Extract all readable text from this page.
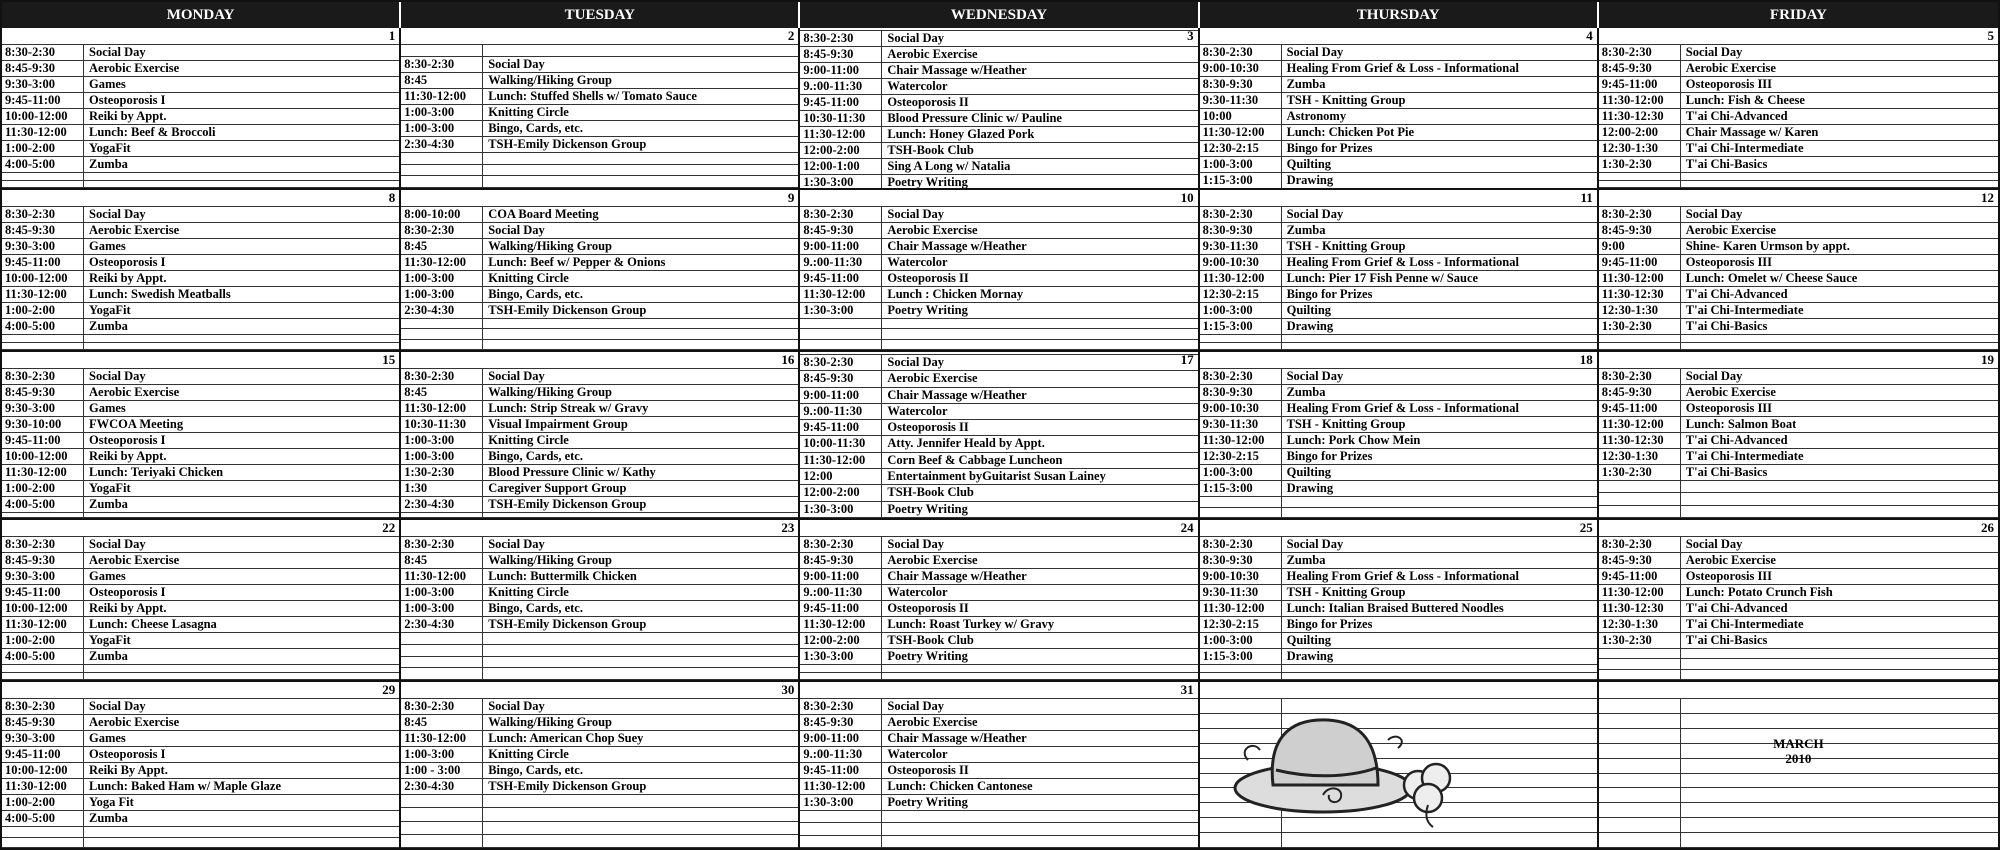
MONDAY	TUESDAY	WEDNESDAY	THURSDAY	FRIDAY
1
8:30-2:30	Social Day
8:45-9:30	Aerobic Exercise
9:30-3:00	Games
9:45-11:00	Osteoporosis I
10:00-12:00	Reiki by Appt.
11:30-12:00	Lunch: Beef & Broccoli
1:00-2:00	YogaFit
4:00-5:00	Zumba
2
8:30-2:30	Social Day
8:45	Walking/Hiking Group
11:30-12:00	Lunch: Stuffed Shells w/ Tomato Sauce
1:00-3:00	Knitting Circle
1:00-3:00	Bingo, Cards, etc.
2:30-4:30	TSH-Emily Dickenson Group
3
8:30-2:30	Social Day
8:45-9:30	Aerobic Exercise
9:00-11:00	Chair Massage w/Heather
9.:00-11:30	Watercolor
9:45-11:00	Osteoporosis II
10:30-11:30	Blood Pressure Clinic w/ Pauline
11:30-12:00	Lunch: Honey Glazed Pork
12:00-2:00	TSH-Book Club
12:00-1:00	Sing A Long w/ Natalia
1:30-3:00	Poetry Writing
4
8:30-2:30	Social Day
9:00-10:30	Healing From Grief & Loss - Informational
8:30-9:30	Zumba
9:30-11:30	TSH - Knitting Group
10:00	Astronomy
11:30-12:00	Lunch: Chicken Pot Pie
12:30-2:15	Bingo for Prizes
1:00-3:00	Quilting
1:15-3:00	Drawing
5
8:30-2:30	Social Day
8:45-9:30	Aerobic Exercise
9:45-11:00	Osteoporosis III
11:30-12:00	Lunch: Fish & Cheese
11:30-12:30	T'ai Chi-Advanced
12:00-2:00	Chair Massage w/ Karen
12:30-1:30	T'ai Chi-Intermediate
1:30-2:30	T'ai Chi-Basics
8
8:30-2:30	Social Day
8:45-9:30	Aerobic Exercise
9:30-3:00	Games
9:45-11:00	Osteoporosis I
10:00-12:00	Reiki by Appt.
11:30-12:00	Lunch: Swedish Meatballs
1:00-2:00	YogaFit
4:00-5:00	Zumba
9
8:00-10:00	COA Board Meeting
8:30-2:30	Social Day
8:45	Walking/Hiking Group
11:30-12:00	Lunch: Beef w/ Pepper & Onions
1:00-3:00	Knitting Circle
1:00-3:00	Bingo, Cards, etc.
2:30-4:30	TSH-Emily Dickenson Group
10
8:30-2:30	Social Day
8:45-9:30	Aerobic Exercise
9:00-11:00	Chair Massage w/Heather
9.:00-11:30	Watercolor
9:45-11:00	Osteoporosis II
11:30-12:00	Lunch : Chicken Mornay
1:30-3:00	Poetry Writing
11
8:30-2:30	Social Day
8:30-9:30	Zumba
9:30-11:30	TSH - Knitting Group
9:00-10:30	Healing From Grief & Loss - Informational
11:30-12:00	Lunch: Pier 17 Fish Penne w/ Sauce
12:30-2:15	Bingo for Prizes
1:00-3:00	Quilting
1:15-3:00	Drawing
12
8:30-2:30	Social Day
8:45-9:30	Aerobic Exercise
9:00	Shine- Karen Urmson by appt.
9:45-11:00	Osteoporosis III
11:30-12:00	Lunch: Omelet w/ Cheese Sauce
11:30-12:30	T'ai Chi-Advanced
12:30-1:30	T'ai Chi-Intermediate
1:30-2:30	T'ai Chi-Basics
15
8:30-2:30	Social Day
8:45-9:30	Aerobic Exercise
9:30-3:00	Games
9:30-10:00	FWCOA Meeting
9:45-11:00	Osteoporosis I
10:00-12:00	Reiki by Appt.
11:30-12:00	Lunch: Teriyaki Chicken
1:00-2:00	YogaFit
4:00-5:00	Zumba
16
8:30-2:30	Social Day
8:45	Walking/Hiking Group
11:30-12:00	Lunch: Strip Streak w/ Gravy
10:30-11:30	Visual Impairment Group
1:00-3:00	Knitting Circle
1:00-3:00	Bingo, Cards, etc.
1:30-2:30	Blood Pressure Clinic w/ Kathy
1:30	Caregiver Support Group
2:30-4:30	TSH-Emily Dickenson Group
17
8:30-2:30	Social Day
8:45-9:30	Aerobic Exercise
9:00-11:00	Chair Massage w/Heather
9.:00-11:30	Watercolor
9:45-11:00	Osteoporosis II
10:00-11:30	Atty. Jennifer Heald by Appt.
11:30-12:00	Corn Beef & Cabbage Luncheon
12:00	Entertainment byGuitarist Susan Lainey
12:00-2:00	TSH-Book Club
1:30-3:00	Poetry Writing
18
8:30-2:30	Social Day
8:30-9:30	Zumba
9:00-10:30	Healing From Grief & Loss - Informational
9:30-11:30	TSH - Knitting Group
11:30-12:00	Lunch: Pork Chow Mein
12:30-2:15	Bingo for Prizes
1:00-3:00	Quilting
1:15-3:00	Drawing
19
8:30-2:30	Social Day
8:45-9:30	Aerobic Exercise
9:45-11:00	Osteoporosis III
11:30-12:00	Lunch: Salmon Boat
11:30-12:30	T'ai Chi-Advanced
12:30-1:30	T'ai Chi-Intermediate
1:30-2:30	T'ai Chi-Basics
22
8:30-2:30	Social Day
8:45-9:30	Aerobic Exercise
9:30-3:00	Games
9:45-11:00	Osteoporosis I
10:00-12:00	Reiki by Appt.
11:30-12:00	Lunch: Cheese Lasagna
1:00-2:00	YogaFit
4:00-5:00	Zumba
23
8:30-2:30	Social Day
8:45	Walking/Hiking Group
11:30-12:00	Lunch: Buttermilk Chicken
1:00-3:00	Knitting Circle
1:00-3:00	Bingo, Cards, etc.
2:30-4:30	TSH-Emily Dickenson Group
24
8:30-2:30	Social Day
8:45-9:30	Aerobic Exercise
9:00-11:00	Chair Massage w/Heather
9.:00-11:30	Watercolor
9:45-11:00	Osteoporosis II
11:30-12:00	Lunch: Roast Turkey w/ Gravy
12:00-2:00	TSH-Book Club
1:30-3:00	Poetry Writing
25
8:30-2:30	Social Day
8:30-9:30	Zumba
9:00-10:30	Healing From Grief & Loss - Informational
9:30-11:30	TSH - Knitting Group
11:30-12:00	Lunch: Italian Braised Buttered Noodles
12:30-2:15	Bingo for Prizes
1:00-3:00	Quilting
1:15-3:00	Drawing
26
8:30-2:30	Social Day
8:45-9:30	Aerobic Exercise
9:45-11:00	Osteoporosis III
11:30-12:00	Lunch: Potato Crunch Fish
11:30-12:30	T'ai Chi-Advanced
12:30-1:30	T'ai Chi-Intermediate
1:30-2:30	T'ai Chi-Basics
29
8:30-2:30	Social Day
8:45-9:30	Aerobic Exercise
9:30-3:00	Games
9:45-11:00	Osteoporosis I
10:00-12:00	Reiki By Appt.
11:30-12:00	Lunch: Baked Ham w/ Maple Glaze
1:00-2:00	Yoga Fit
4:00-5:00	Zumba
30
8:30-2:30	Social Day
8:45	Walking/Hiking Group
11:30-12:00	Lunch: American Chop Suey
1:00-3:00	Knitting Circle
1:00 - 3:00	Bingo, Cards, etc.
2:30-4:30	TSH-Emily Dickenson Group
31
8:30-2:30	Social Day
8:45-9:30	Aerobic Exercise
9:00-11:00	Chair Massage w/Heather
9.:00-11:30	Watercolor
9:45-11:00	Osteoporosis II
11:30-12:00	Lunch: Chicken Cantonese
1:30-3:00	Poetry Writing
MARCH
2010
